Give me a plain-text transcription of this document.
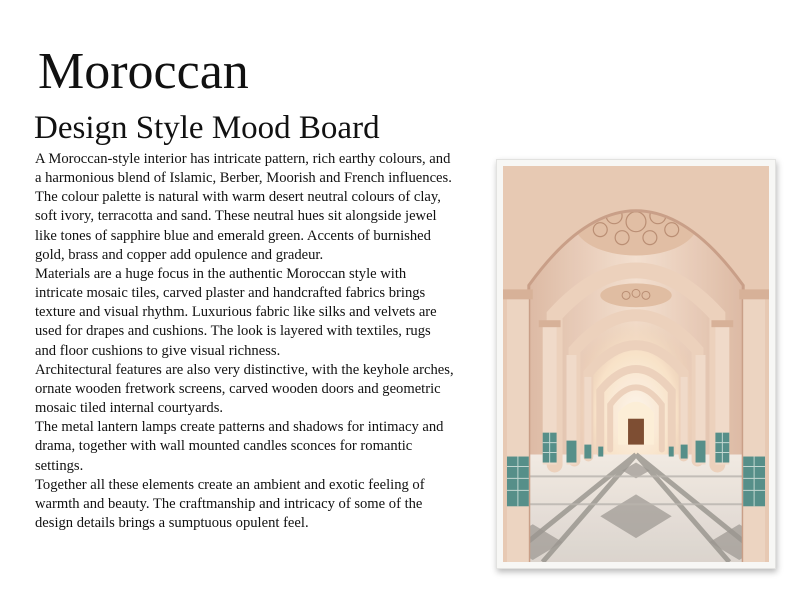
Moroccan
Design Style Mood Board

A Moroccan-style interior has intricate pattern, rich earthy colours, and a harmonious blend of Islamic, Berber, Moorish and French influences.

The colour palette is natural with warm desert neutral colours of clay, soft ivory, terracotta and sand. These neutral hues sit alongside jewel like tones of sapphire blue and emerald green. Accents of burnished gold, brass and copper add opulence and gradeur.

Materials are a huge focus in the authentic Moroccan style with intricate mosaic tiles, carved plaster and handcrafted fabrics brings texture and visual rhythm. Luxurious fabric like silks and velvets are used for drapes and cushions. The look is layered with textiles, rugs and floor cushions to give visual richness.

Architectural features are also very distinctive, with the keyhole arches, ornate wooden fretwork screens, carved wooden doors and geometric mosaic tiled internal courtyards.

The metal lantern lamps create patterns and shadows for intimacy and drama, together with wall mounted candles sconces for romantic settings.

Together all these elements create an ambient and exotic feeling of warmth and beauty. The craftmanship and intricacy of some of the design details brings a sumptuous opulent feel.
